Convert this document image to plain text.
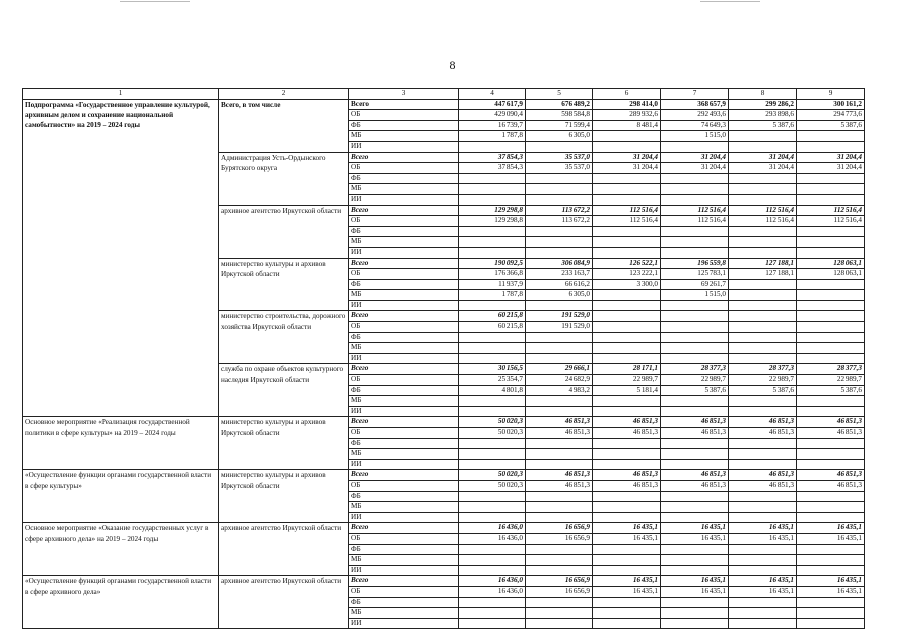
8
1	2	3	4	5	6	7	8	9
Подпрограмма «Государственное управление культурой, архивным делом и сохранение национальной самобытности» на 2019 – 2024 годы	Всего, в том числе	Всего	447 617,9	676 489,2	298 414,0	368 657,9	299 286,2	300 161,2
		ОБ	429 090,4	598 584,8	289 932,6	292 493,6	293 898,6	294 773,6
		ФБ	16 739,7	71 599,4	8 481,4	74 649,3	5 387,6	5 387,6
		МБ	1 787,8	6 305,0		1 515,0		
		ИИ						
	Администрация Усть-Ордынского Бурятского округа	Всего	37 854,3	35 537,0	31 204,4	31 204,4	31 204,4	31 204,4
		ОБ	37 854,3	35 537,0	31 204,4	31 204,4	31 204,4	31 204,4
		ФБ						
		МБ						
		ИИ						
	архивное агентство Иркутской области	Всего	129 298,8	113 672,2	112 516,4	112 516,4	112 516,4	112 516,4
		ОБ	129 298,8	113 672,2	112 516,4	112 516,4	112 516,4	112 516,4
		ФБ						
		МБ						
		ИИ						
	министерство культуры и архивов Иркутской области	Всего	190 092,5	306 084,9	126 522,1	196 559,8	127 188,1	128 063,1
		ОБ	176 366,8	233 163,7	123 222,1	125 783,1	127 188,1	128 063,1
		ФБ	11 937,9	66 616,2	3 300,0	69 261,7		
		МБ	1 787,8	6 305,0		1 515,0		
		ИИ						
	министерство строительства, дорожного хозяйства Иркутской области	Всего	60 215,8	191 529,0				
		ОБ	60 215,8	191 529,0				
		ФБ						
		МБ						
		ИИ						
	служба по охране объектов культурного наследия Иркутской области	Всего	30 156,5	29 666,1	28 171,1	28 377,3	28 377,3	28 377,3
		ОБ	25 354,7	24 682,9	22 989,7	22 989,7	22 989,7	22 989,7
		ФБ	4 801,8	4 983,2	5 181,4	5 387,6	5 387,6	5 387,6
		МБ						
		ИИ						
Основное мероприятие «Реализация государственной политики в сфере культуры» на 2019 – 2024 годы	министерство культуры и архивов Иркутской области	Всего	50 020,3	46 851,3	46 851,3	46 851,3	46 851,3	46 851,3
		ОБ	50 020,3	46 851,3	46 851,3	46 851,3	46 851,3	46 851,3
		ФБ						
		МБ						
		ИИ						
«Осуществление функции органами государственной власти в сфере культуры»	министерство культуры и архивов Иркутской области	Всего	50 020,3	46 851,3	46 851,3	46 851,3	46 851,3	46 851,3
		ОБ	50 020,3	46 851,3	46 851,3	46 851,3	46 851,3	46 851,3
		ФБ						
		МБ						
		ИИ						
Основное мероприятие «Оказание государственных услуг в сфере архивного дела» на 2019 – 2024 годы	архивное агентство Иркутской области	Всего	16 436,0	16 656,9	16 435,1	16 435,1	16 435,1	16 435,1
		ОБ	16 436,0	16 656,9	16 435,1	16 435,1	16 435,1	16 435,1
		ФБ						
		МБ						
		ИИ						
«Осуществление функций органами государственной власти в сфере архивного дела»	архивное агентство Иркутской области	Всего	16 436,0	16 656,9	16 435,1	16 435,1	16 435,1	16 435,1
		ОБ	16 436,0	16 656,9	16 435,1	16 435,1	16 435,1	16 435,1
		ФБ						
		МБ						
		ИИ						
